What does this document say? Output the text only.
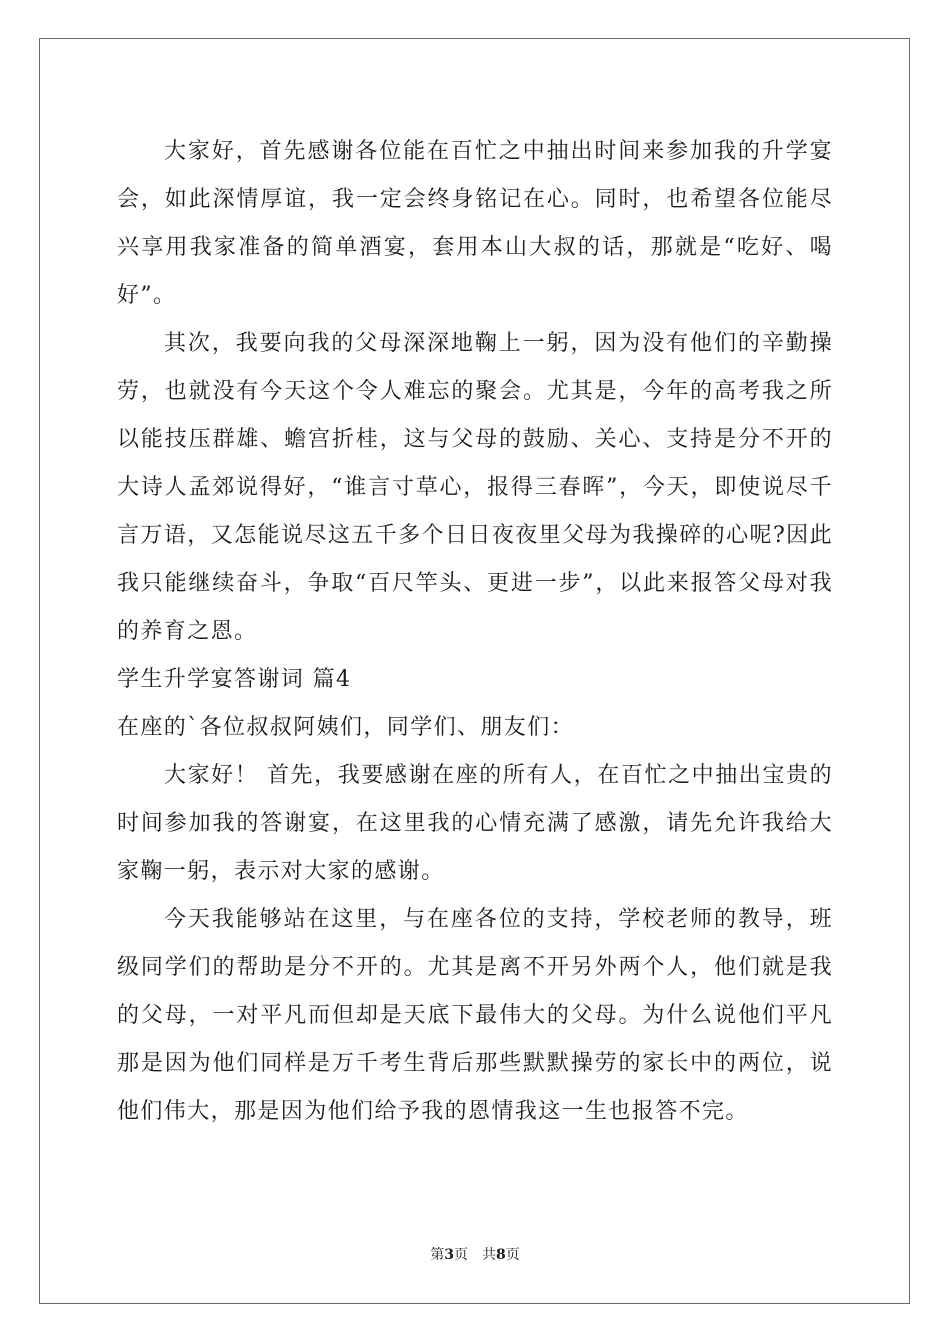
大家好，首先感谢各位能在百忙之中抽出时间来参加我的升学宴会，如此深情厚谊，我一定会终身铭记在心。同时，也希望各位能尽兴享用我家准备的简单酒宴，套用本山大叔的话，那就是“吃好、喝好”。

其次，我要向我的父母深深地鞠上一躬，因为没有他们的辛勤操劳，也就没有今天这个令人难忘的聚会。尤其是，今年的高考我之所以能技压群雄、蟾宫折桂，这与父母的鼓励、关心、支持是分不开的大诗人孟郊说得好，“谁言寸草心，报得三春晖”，今天，即使说尽千言万语，又怎能说尽这五千多个日日夜夜里父母为我操碎的心呢?因此我只能继续奋斗，争取“百尺竿头、更进一步”，以此来报答父母对我的养育之恩。

学生升学宴答谢词 篇4

在座的`各位叔叔阿姨们，同学们、朋友们：

大家好！ 首先，我要感谢在座的所有人，在百忙之中抽出宝贵的时间参加我的答谢宴，在这里我的心情充满了感激，请先允许我给大家鞠一躬，表示对大家的感谢。

今天我能够站在这里，与在座各位的支持，学校老师的教导，班级同学们的帮助是分不开的。尤其是离不开另外两个人，他们就是我的父母，一对平凡而但却是天底下最伟大的父母。为什么说他们平凡那是因为他们同样是万千考生背后那些默默操劳的家长中的两位，说他们伟大，那是因为他们给予我的恩情我这一生也报答不完。

第3页 共8页
